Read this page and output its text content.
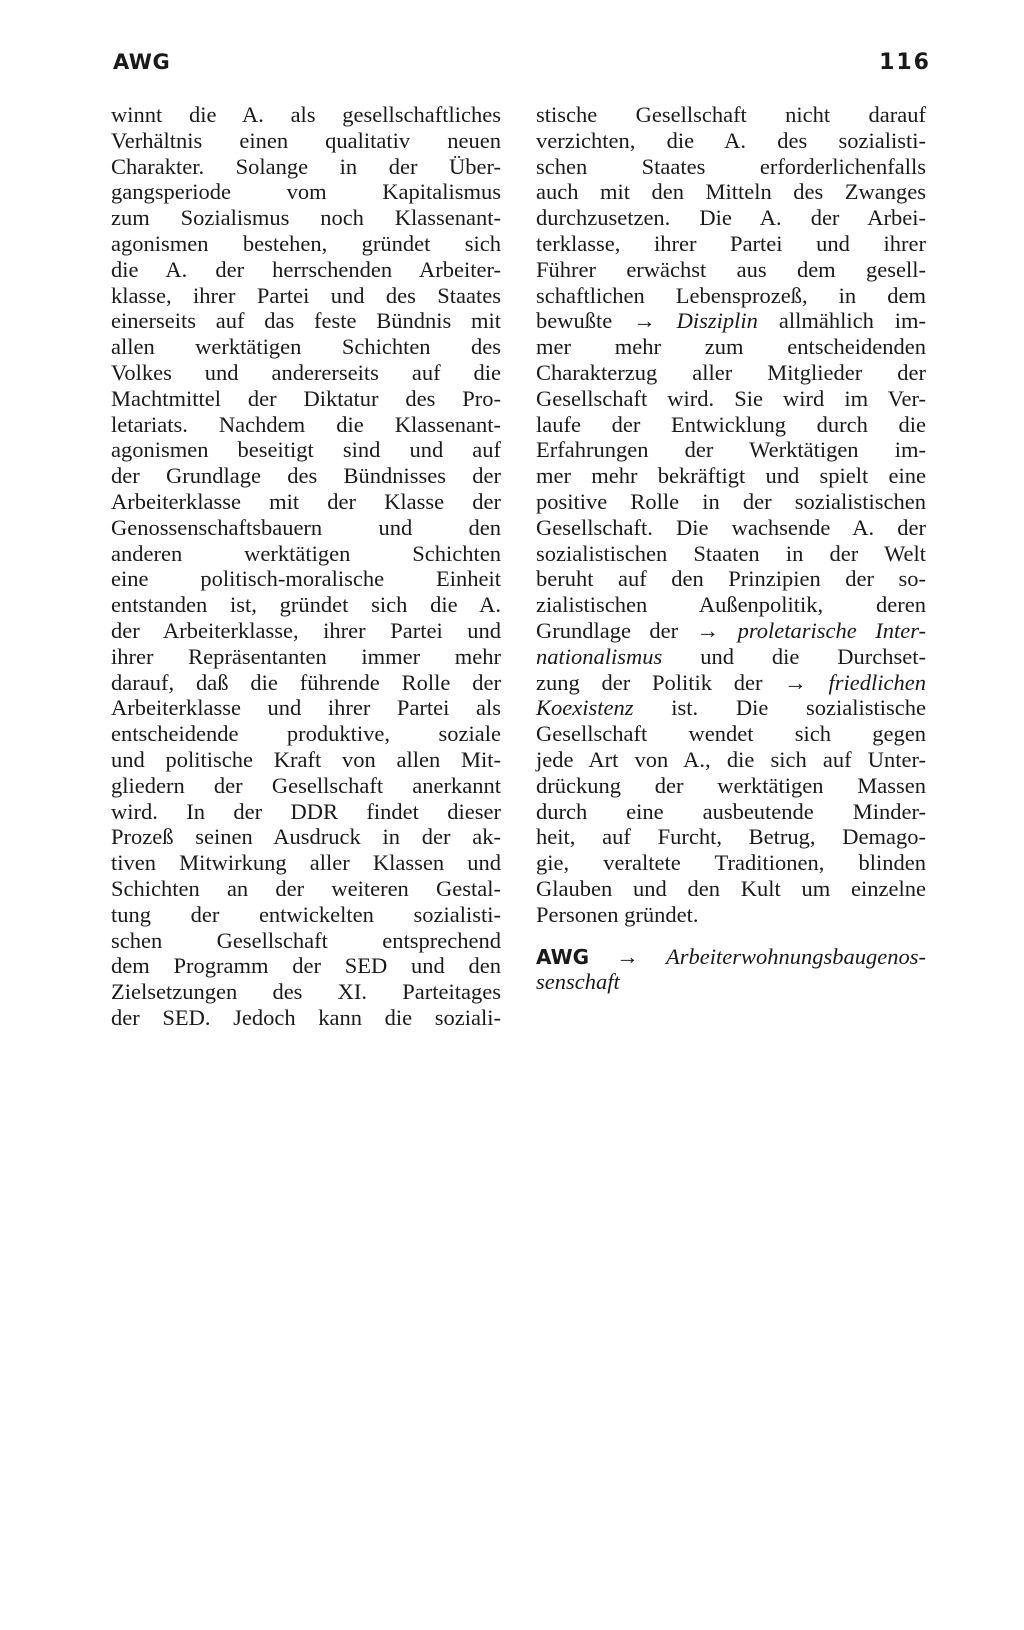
AWG	116
winnt die A. als gesellschaftliches
Verhältnis einen qualitativ neuen
Charakter. Solange in der Über-
gangsperiode vom Kapitalismus
zum Sozialismus noch Klassenant-
agonismen bestehen, gründet sich
die A. der herrschenden Arbeiter-
klasse, ihrer Partei und des Staates
einerseits auf das feste Bündnis mit
allen werktätigen Schichten des
Volkes und andererseits auf die
Machtmittel der Diktatur des Pro-
letariats. Nachdem die Klassenant-
agonismen beseitigt sind und auf
der Grundlage des Bündnisses der
Arbeiterklasse mit der Klasse der
Genossenschaftsbauern und den
anderen werktätigen Schichten
eine politisch-moralische Einheit
entstanden ist, gründet sich die A.
der Arbeiterklasse, ihrer Partei und
ihrer Repräsentanten immer mehr
darauf, daß die führende Rolle der
Arbeiterklasse und ihrer Partei als
entscheidende produktive, soziale
und politische Kraft von allen Mit-
gliedern der Gesellschaft anerkannt
wird. In der DDR findet dieser
Prozeß seinen Ausdruck in der ak-
tiven Mitwirkung aller Klassen und
Schichten an der weiteren Gestal-
tung der entwickelten sozialisti-
schen Gesellschaft entsprechend
dem Programm der SED und den
Zielsetzungen des XI. Parteitages
der SED. Jedoch kann die soziali-
stische Gesellschaft nicht darauf
verzichten, die A. des sozialisti-
schen Staates erforderlichenfalls
auch mit den Mitteln des Zwanges
durchzusetzen. Die A. der Arbei-
terklasse, ihrer Partei und ihrer
Führer erwächst aus dem gesell-
schaftlichen Lebensprozeß, in dem
bewußte → Disziplin allmählich im-
mer mehr zum entscheidenden
Charakterzug aller Mitglieder der
Gesellschaft wird. Sie wird im Ver-
laufe der Entwicklung durch die
Erfahrungen der Werktätigen im-
mer mehr bekräftigt und spielt eine
positive Rolle in der sozialistischen
Gesellschaft. Die wachsende A. der
sozialistischen Staaten in der Welt
beruht auf den Prinzipien der so-
zialistischen Außenpolitik, deren
Grundlage der → proletarische Inter-
nationalismus und die Durchset-
zung der Politik der → friedlichen
Koexistenz ist. Die sozialistische
Gesellschaft wendet sich gegen
jede Art von A., die sich auf Unter-
drückung der werktätigen Massen
durch eine ausbeutende Minder-
heit, auf Furcht, Betrug, Demago-
gie, veraltete Traditionen, blinden
Glauben und den Kult um einzelne
Personen gründet.
AWG → Arbeiterwohnungsbaugenos-
senschaft
